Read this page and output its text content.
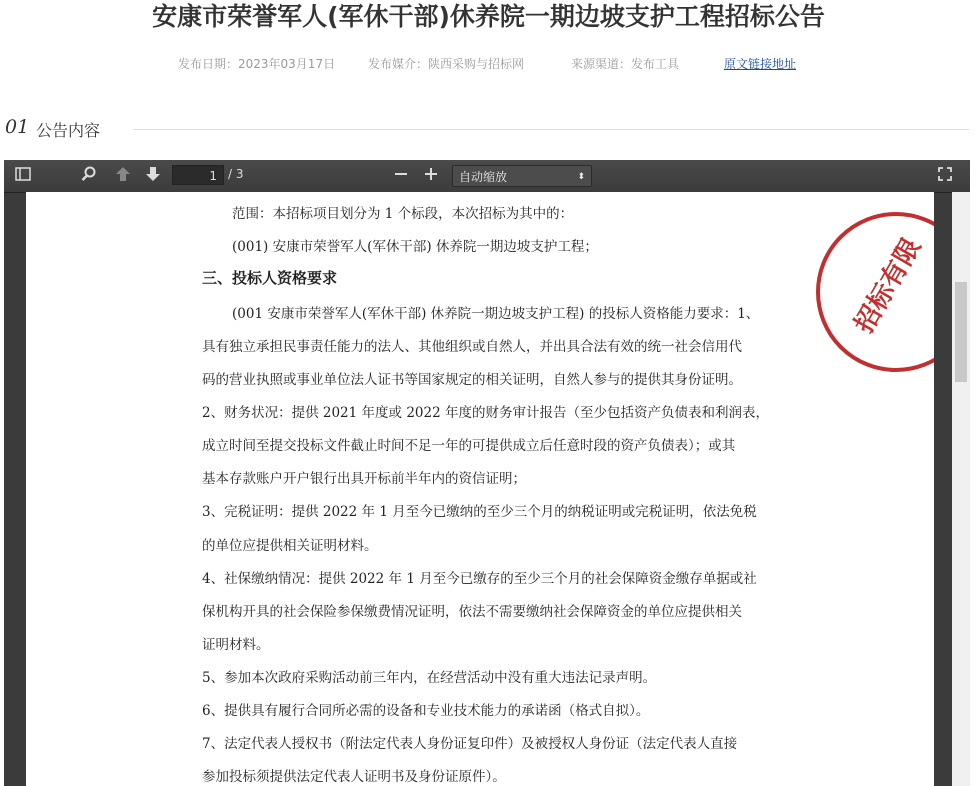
安康市荣誉军人(军休干部)休养院一期边坡支护工程招标公告
发布日期：2023年03月17日	发布媒介：陕西采购与招标网	来源渠道：发布工具	原文链接地址
01 公告内容
1 / 3	自动缩放	⬍
招标有限
范围：本招标项目划分为 1 个标段，本次招标为其中的：
(001) 安康市荣誉军人(军休干部) 休养院一期边坡支护工程；
三、投标人资格要求
(001 安康市荣誉军人(军休干部) 休养院一期边坡支护工程) 的投标人资格能力要求：1、
具有独立承担民事责任能力的法人、其他组织或自然人，并出具合法有效的统一社会信用代
码的营业执照或事业单位法人证书等国家规定的相关证明，自然人参与的提供其身份证明。
2、财务状况：提供 2021 年度或 2022 年度的财务审计报告（至少包括资产负债表和利润表，
成立时间至提交投标文件截止时间不足一年的可提供成立后任意时段的资产负债表）；或其
基本存款账户开户银行出具开标前半年内的资信证明；
3、完税证明：提供 2022 年 1 月至今已缴纳的至少三个月的纳税证明或完税证明，依法免税
的单位应提供相关证明材料。
4、社保缴纳情况：提供 2022 年 1 月至今已缴存的至少三个月的社会保障资金缴存单据或社
保机构开具的社会保险参保缴费情况证明，依法不需要缴纳社会保障资金的单位应提供相关
证明材料。
5、参加本次政府采购活动前三年内，在经营活动中没有重大违法记录声明。
6、提供具有履行合同所必需的设备和专业技术能力的承诺函（格式自拟）。
7、法定代表人授权书（附法定代表人身份证复印件）及被授权人身份证（法定代表人直接
参加投标须提供法定代表人证明书及身份证原件）。
